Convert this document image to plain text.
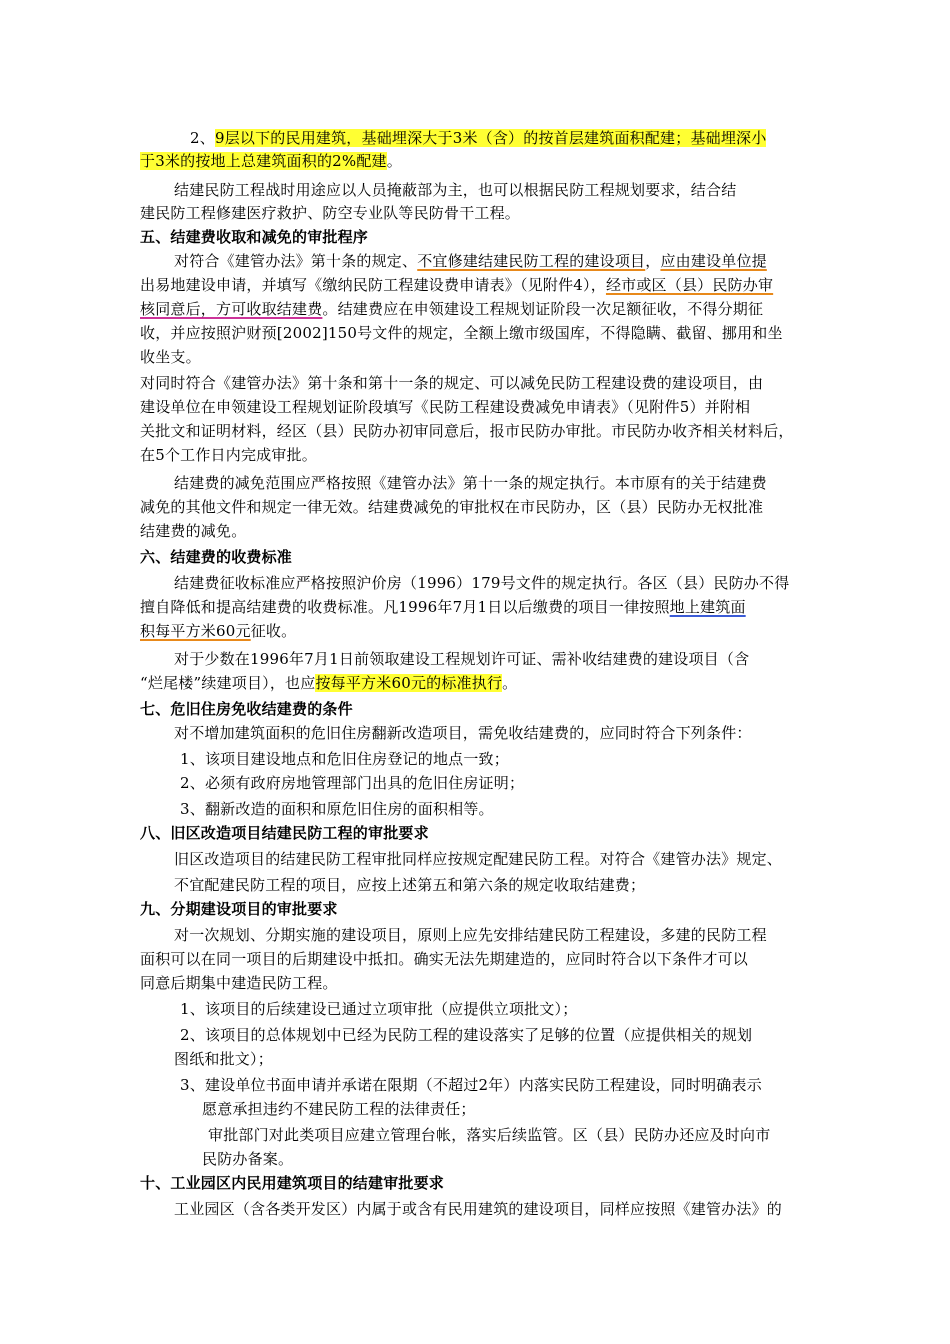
2、9层以下的民用建筑，基础埋深大于3米（含）的按首层建筑面积配建；基础埋深小
于3米的按地上总建筑面积的2%配建。
结建民防工程战时用途应以人员掩蔽部为主，也可以根据民防工程规划要求，结合结
建民防工程修建医疗救护、防空专业队等民防骨干工程。
五、结建费收取和减免的审批程序
对符合《建管办法》第十条的规定、不宜修建结建民防工程的建设项目，应由建设单位提
出易地建设申请，并填写《缴纳民防工程建设费申请表》（见附件4），经市或区（县）民防办审
核同意后，方可收取结建费。结建费应在申领建设工程规划证阶段一次足额征收，不得分期征
收，并应按照沪财预[2002]150号文件的规定，全额上缴市级国库，不得隐瞒、截留、挪用和坐
收坐支。
对同时符合《建管办法》第十条和第十一条的规定、可以减免民防工程建设费的建设项目，由
建设单位在申领建设工程规划证阶段填写《民防工程建设费减免申请表》（见附件5）并附相
关批文和证明材料，经区（县）民防办初审同意后，报市民防办审批。市民防办收齐相关材料后，
在5个工作日内完成审批。
结建费的减免范围应严格按照《建管办法》第十一条的规定执行。本市原有的关于结建费
减免的其他文件和规定一律无效。结建费减免的审批权在市民防办，区（县）民防办无权批准
结建费的减免。
六、结建费的收费标准
结建费征收标准应严格按照沪价房（1996）179号文件的规定执行。各区（县）民防办不得
擅自降低和提高结建费的收费标准。凡1996年7月1日以后缴费的项目一律按照地上建筑面
积每平方米60元征收。
对于少数在1996年7月1日前领取建设工程规划许可证、需补收结建费的建设项目（含
“烂尾楼”续建项目），也应按每平方米60元的标准执行。
七、危旧住房免收结建费的条件
对不增加建筑面积的危旧住房翻新改造项目，需免收结建费的，应同时符合下列条件：
1、该项目建设地点和危旧住房登记的地点一致；
2、必须有政府房地管理部门出具的危旧住房证明；
3、翻新改造的面积和原危旧住房的面积相等。
八、旧区改造项目结建民防工程的审批要求
旧区改造项目的结建民防工程审批同样应按规定配建民防工程。对符合《建管办法》规定、
不宜配建民防工程的项目，应按上述第五和第六条的规定收取结建费；
九、分期建设项目的审批要求
对一次规划、分期实施的建设项目，原则上应先安排结建民防工程建设，多建的民防工程
面积可以在同一项目的后期建设中抵扣。确实无法先期建造的，应同时符合以下条件才可以
同意后期集中建造民防工程。
1、该项目的后续建设已通过立项审批（应提供立项批文）；
2、该项目的总体规划中已经为民防工程的建设落实了足够的位置（应提供相关的规划
图纸和批文）；
3、建设单位书面申请并承诺在限期（不超过2年）内落实民防工程建设，同时明确表示
愿意承担违约不建民防工程的法律责任；
审批部门对此类项目应建立管理台帐，落实后续监管。区（县）民防办还应及时向市
民防办备案。
十、工业园区内民用建筑项目的结建审批要求
工业园区（含各类开发区）内属于或含有民用建筑的建设项目，同样应按照《建管办法》的
